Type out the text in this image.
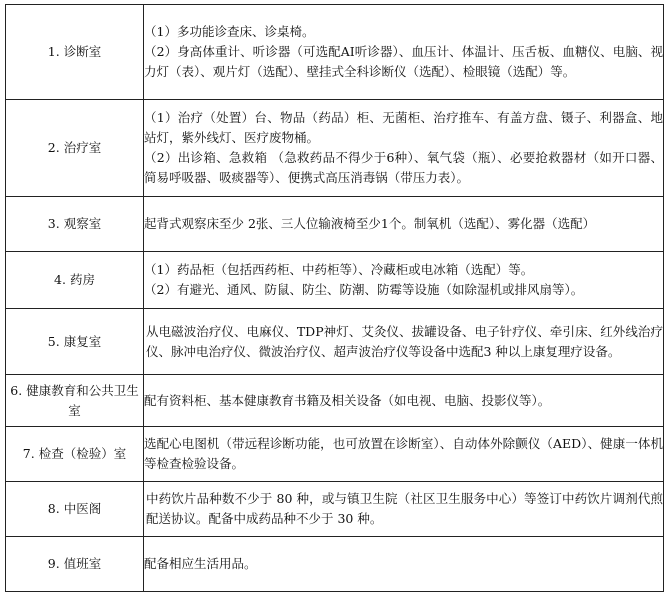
1. 诊断室	（1）多功能诊查床、诊桌椅。
（2）身高体重计、听诊器（可选配AI听诊器）、血压计、体温计、压舌板、血糖仪、电脑、视力灯（表）、观片灯（选配）、壁挂式全科诊断仪（选配）、检眼镜（选配）等。

2. 治疗室	（1）治疗（处置）台、物品（药品）柜、无菌柜、治疗推车、有盖方盘、镊子、利器盒、地站灯，紫外线灯、医疗废物桶。
（2）出诊箱、急救箱 （急救药品不得少于6种）、氧气袋（瓶）、必要抢救器材（如开口器、简易呼吸器、吸痰器等）、便携式高压消毒锅（带压力表）。

3. 观察室	起背式观察床至少 2张、三人位输液椅至少1个。制氧机（选配）、雾化器（选配）

4. 药房	（1）药品柜（包括西药柜、中药柜等）、冷藏柜或电冰箱（选配）等。
（2）有避光、通风、防鼠、防尘、防潮、防霉等设施（如除湿机或排风扇等）。

5. 康复室	从电磁波治疗仪、电麻仪、TDP神灯、艾灸仪、拔罐设备、电子针疗仪、牵引床、红外线治疗仪、脉冲电治疗仪、微波治疗仪、超声波治疗仪等设备中选配3 种以上康复理疗设备。

6. 健康教育和公共卫生室	配有资料柜、基本健康教育书籍及相关设备（如电视、电脑、投影仪等）。

7. 检查（检验）室	选配心电图机（带远程诊断功能，也可放置在诊断室）、自动体外除颤仪（AED）、健康一体机等检查检验设备。

8. 中医阁	中药饮片品种数不少于 80 种，或与镇卫生院（社区卫生服务中心）等签订中药饮片调剂代煎配送协议。配备中成药品种不少于 30 种。

9. 值班室	配备相应生活用品。
